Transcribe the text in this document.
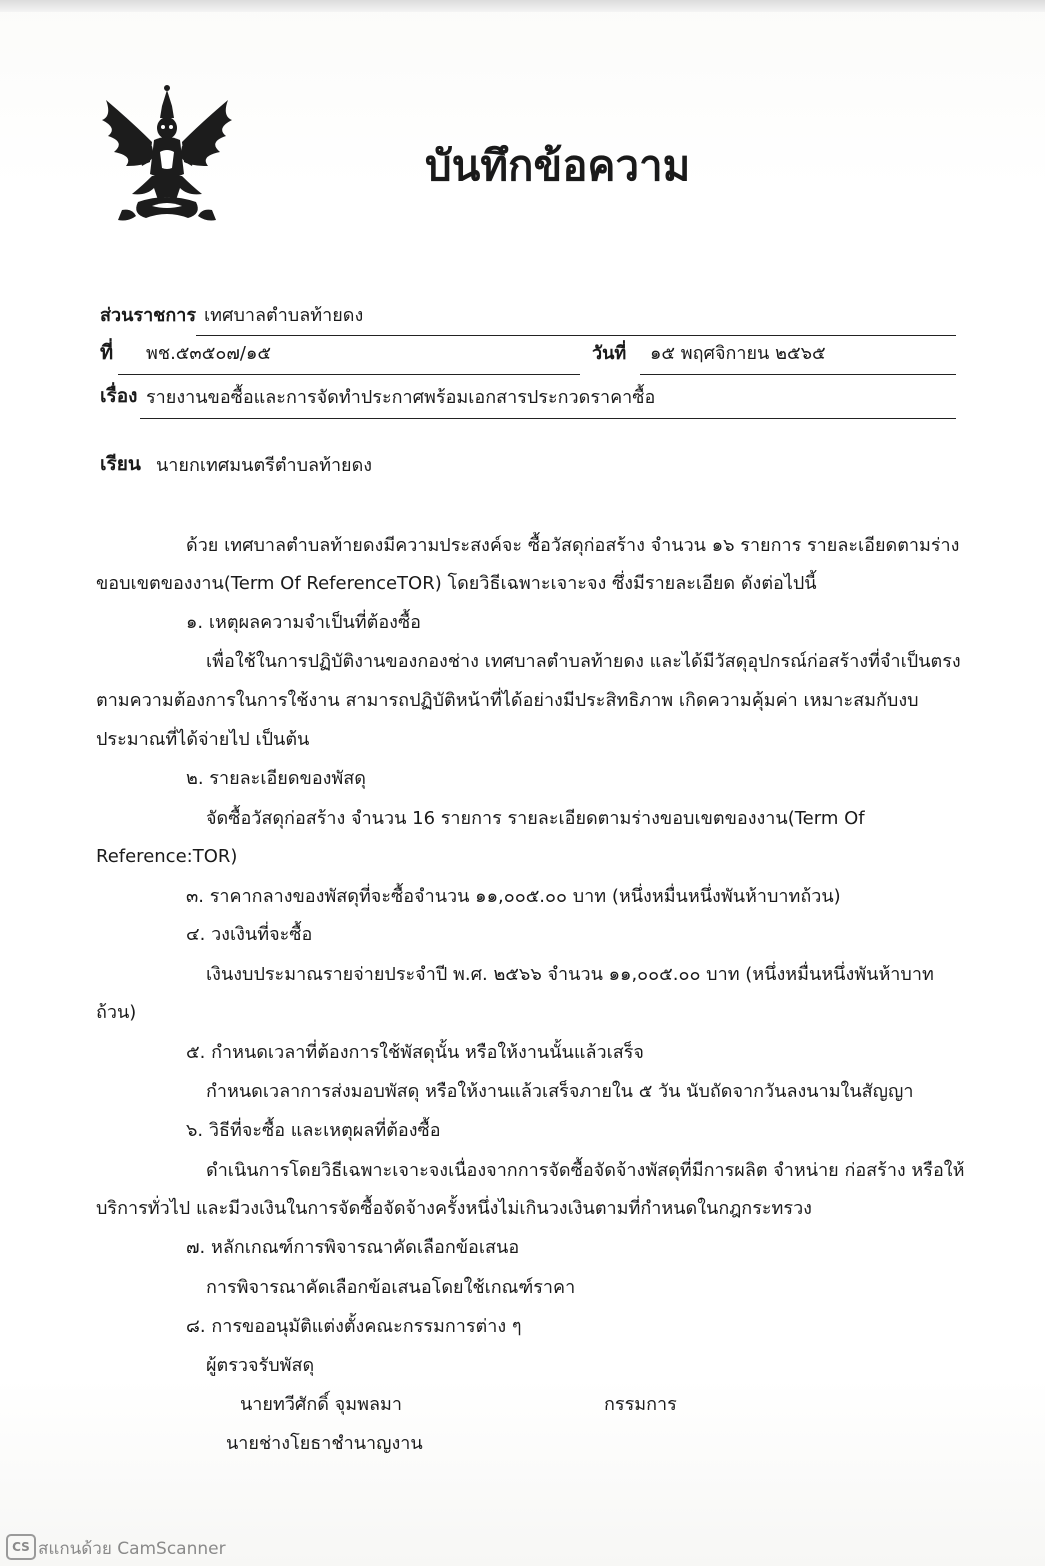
บันทึกข้อความ
ส่วนราชการ เทศบาลตำบลท้ายดง
ที่ พช.๕๓๕๐๗/๑๕	วันที่ ๑๕ พฤศจิกายน ๒๕๖๕
เรื่อง รายงานขอซื้อและการจัดทำประกาศพร้อมเอกสารประกวดราคาซื้อ
เรียน นายกเทศมนตรีตำบลท้ายดง
ด้วย เทศบาลตำบลท้ายดงมีความประสงค์จะ ซื้อวัสดุก่อสร้าง จำนวน ๑๖ รายการ รายละเอียดตามร่าง
ขอบเขตของงาน(Term Of ReferenceTOR) โดยวิธีเฉพาะเจาะจง ซึ่งมีรายละเอียด ดังต่อไปนี้
๑. เหตุผลความจำเป็นที่ต้องซื้อ
เพื่อใช้ในการปฏิบัติงานของกองช่าง เทศบาลตำบลท้ายดง และได้มีวัสดุอุปกรณ์ก่อสร้างที่จำเป็นตรง
ตามความต้องการในการใช้งาน สามารถปฏิบัติหน้าที่ได้อย่างมีประสิทธิภาพ เกิดความคุ้มค่า เหมาะสมกับงบ
ประมาณที่ได้จ่ายไป เป็นต้น
๒. รายละเอียดของพัสดุ
จัดซื้อวัสดุก่อสร้าง จำนวน 16 รายการ รายละเอียดตามร่างขอบเขตของงาน(Term Of
Reference:TOR)
๓. ราคากลางของพัสดุที่จะซื้อจำนวน ๑๑,๐๐๕.๐๐ บาท (หนึ่งหมื่นหนึ่งพันห้าบาทถ้วน)
๔. วงเงินที่จะซื้อ
เงินงบประมาณรายจ่ายประจำปี พ.ศ. ๒๕๖๖ จำนวน ๑๑,๐๐๕.๐๐ บาท (หนึ่งหมื่นหนึ่งพันห้าบาท
ถ้วน)
๕. กำหนดเวลาที่ต้องการใช้พัสดุนั้น หรือให้งานนั้นแล้วเสร็จ
กำหนดเวลาการส่งมอบพัสดุ หรือให้งานแล้วเสร็จภายใน ๕ วัน นับถัดจากวันลงนามในสัญญา
๖. วิธีที่จะซื้อ และเหตุผลที่ต้องซื้อ
ดำเนินการโดยวิธีเฉพาะเจาะจงเนื่องจากการจัดซื้อจัดจ้างพัสดุที่มีการผลิต จำหน่าย ก่อสร้าง หรือให้
บริการทั่วไป และมีวงเงินในการจัดซื้อจัดจ้างครั้งหนึ่งไม่เกินวงเงินตามที่กำหนดในกฎกระทรวง
๗. หลักเกณฑ์การพิจารณาคัดเลือกข้อเสนอ
การพิจารณาคัดเลือกข้อเสนอโดยใช้เกณฑ์ราคา
๘. การขออนุมัติแต่งตั้งคณะกรรมการต่าง ๆ
ผู้ตรวจรับพัสดุ
นายทวีศักดิ์ จุมพลมา	กรรมการ
นายช่างโยธาชำนาญงาน
CS สแกนด้วย CamScanner
